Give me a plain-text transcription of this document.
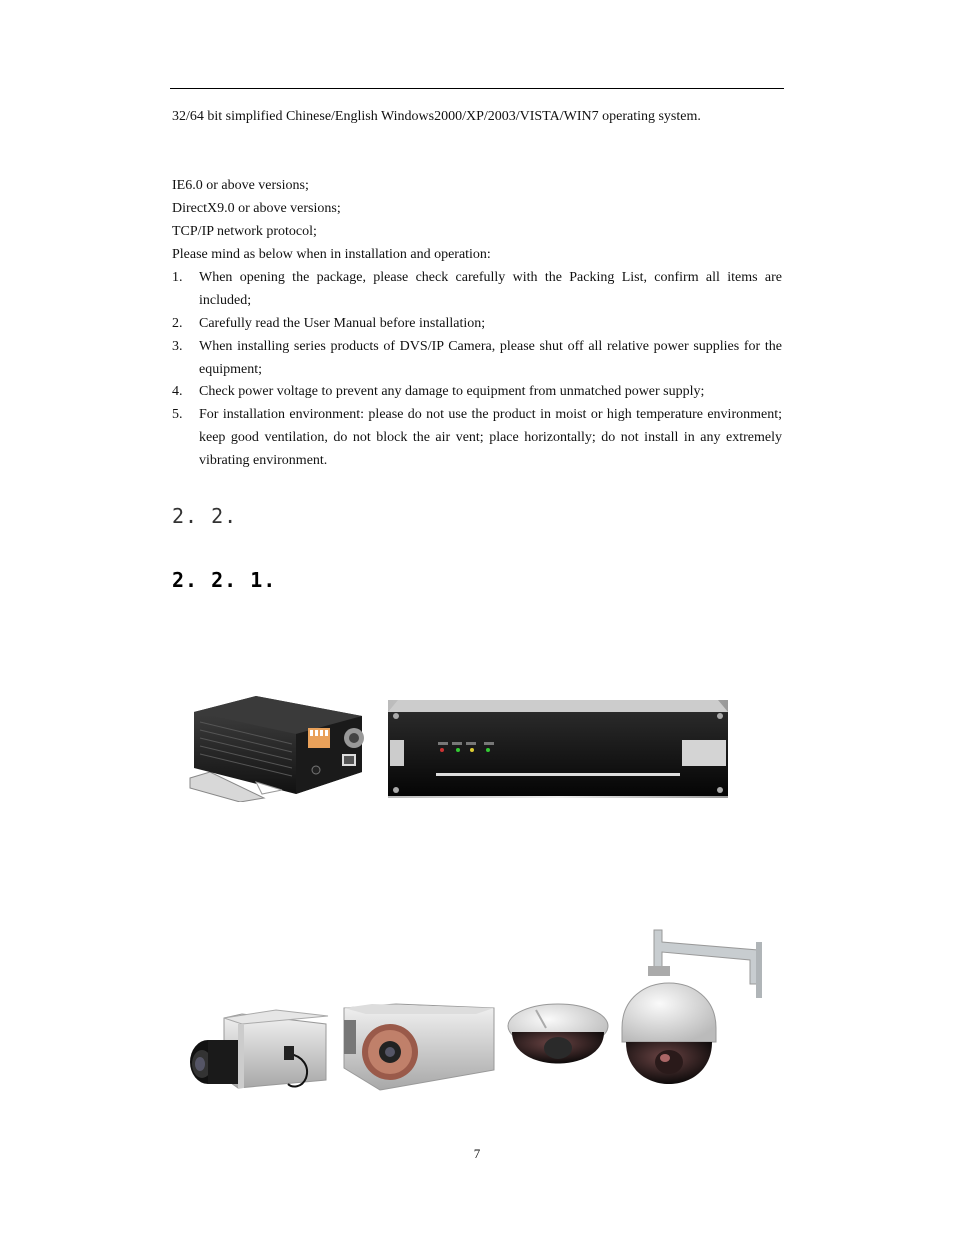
32/64 bit simplified Chinese/English Windows2000/XP/2003/VISTA/WIN7 operating system.
IE6.0 or above versions;
DirectX9.0 or above versions;
TCP/IP network protocol;
Please mind as below when in installation and operation:
1. When opening the package, please check carefully with the Packing List, confirm all items are included;
2. Carefully read the User Manual before installation;
3. When installing series products of DVS/IP Camera, please shut off all relative power supplies for the equipment;
4. Check power voltage to prevent any damage to equipment from unmatched power supply;
5. For installation environment: please do not use the product in moist or high temperature environment; keep good ventilation, do not block the air vent; place horizontally; do not install in any extremely vibrating environment.
2. 2.
2. 2. 1.
7
